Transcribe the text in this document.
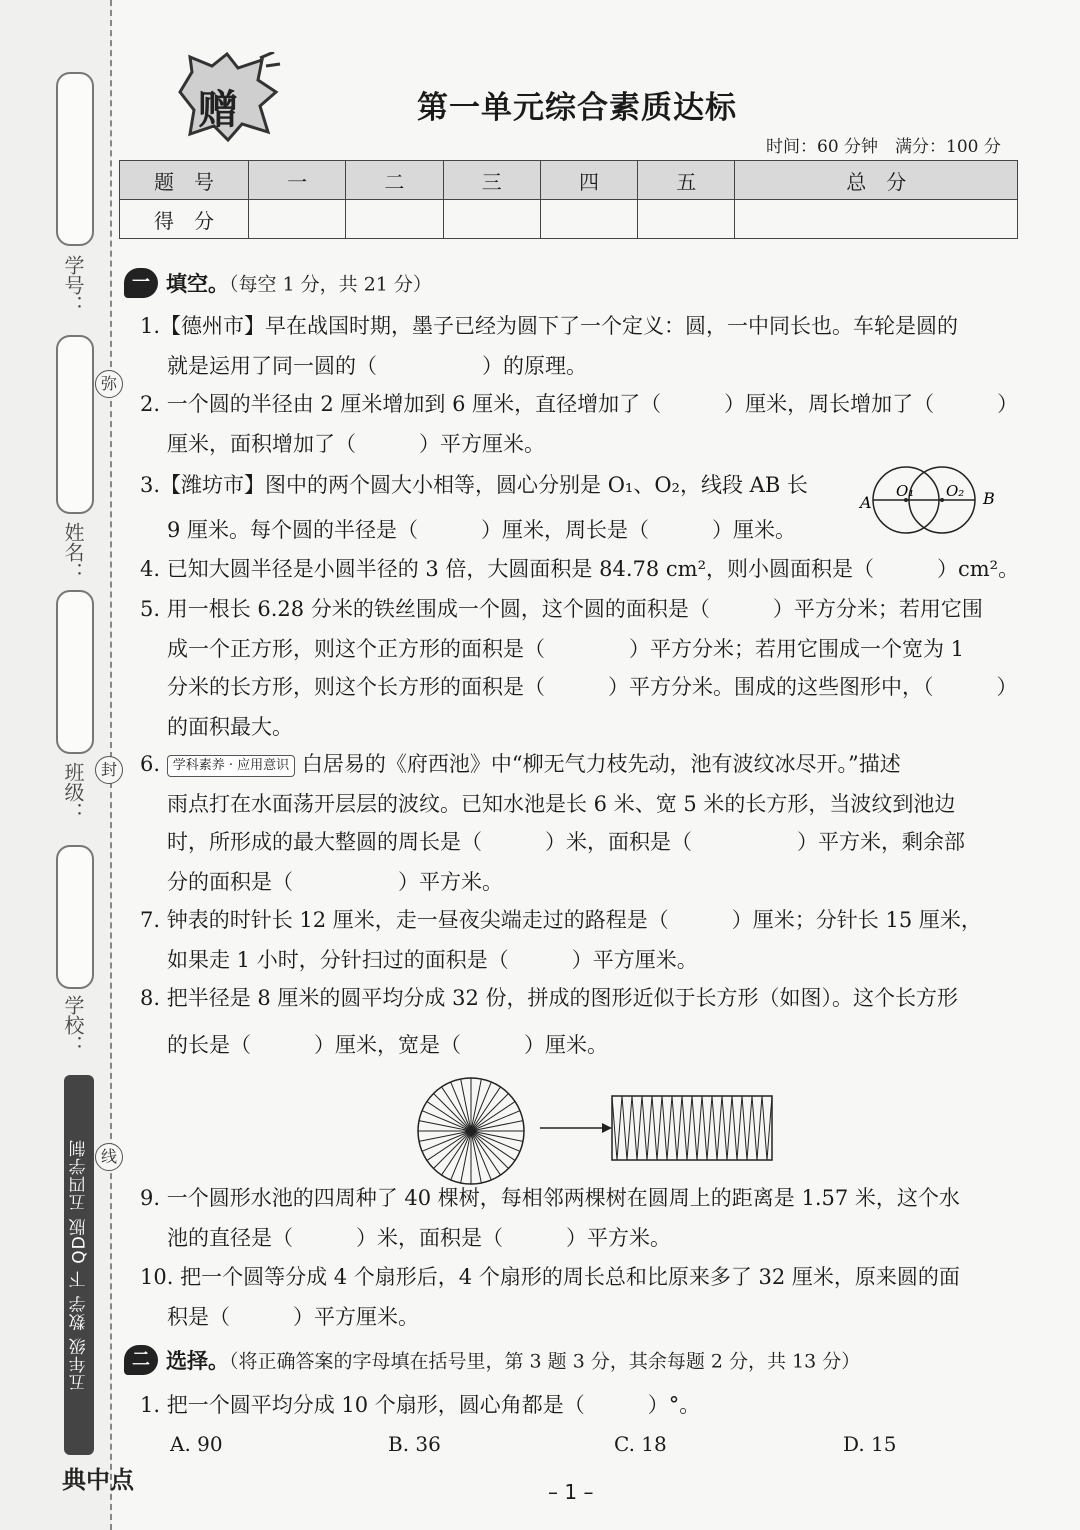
学号：
姓名：
班级：
学校：
弥
封
线
五年级 数学 下 QD版 五四学制
典中点
赠	第一单元综合素质达标
时间：60 分钟　满分：100 分
题　号	一	二	三	四	五	总　分
得　分						
一 填空。（每空 1 分，共 21 分）
1.【德州市】早在战国时期，墨子已经为圆下了一个定义：圆，一中同长也。车轮是圆的
就是运用了同一圆的（　　　　　）的原理。
2. 一个圆的半径由 2 厘米增加到 6 厘米，直径增加了（　　　）厘米，周长增加了（　　　）
厘米，面积增加了（　　　）平方厘米。
3.【潍坊市】图中的两个圆大小相等，圆心分别是 O₁、O₂，线段 AB 长
9 厘米。每个圆的半径是（　　　）厘米，周长是（　　　）厘米。
A
O₁ O₂ B
4. 已知大圆半径是小圆半径的 3 倍，大圆面积是 84.78 cm²，则小圆面积是（　　　）cm²。
5. 用一根长 6.28 分米的铁丝围成一个圆，这个圆的面积是（　　　）平方分米；若用它围
成一个正方形，则这个正方形的面积是（　　　　）平方分米；若用它围成一个宽为 1
分米的长方形，则这个长方形的面积是（　　　）平方分米。围成的这些图形中，（　　　）
的面积最大。
6. 学科素养 · 应用意识 白居易的《府西池》中“柳无气力枝先动，池有波纹冰尽开。”描述
雨点打在水面荡开层层的波纹。已知水池是长 6 米、宽 5 米的长方形，当波纹到池边
时，所形成的最大整圆的周长是（　　　）米，面积是（　　　　　）平方米，剩余部
分的面积是（　　　　　）平方米。
7. 钟表的时针长 12 厘米，走一昼夜尖端走过的路程是（　　　）厘米；分针长 15 厘米，
如果走 1 小时，分针扫过的面积是（　　　）平方厘米。
8. 把半径是 8 厘米的圆平均分成 32 份，拼成的图形近似于长方形（如图）。这个长方形
的长是（　　　）厘米，宽是（　　　）厘米。
9. 一个圆形水池的四周种了 40 棵树，每相邻两棵树在圆周上的距离是 1.57 米，这个水
池的直径是（　　　）米，面积是（　　　）平方米。
10. 把一个圆等分成 4 个扇形后，4 个扇形的周长总和比原来多了 32 厘米，原来圆的面
积是（　　　）平方厘米。
二 选择。（将正确答案的字母填在括号里，第 3 题 3 分，其余每题 2 分，共 13 分）
1. 把一个圆平均分成 10 个扇形，圆心角都是（　　　）°。
A. 90	B. 36	C. 18	D. 15
– 1 –
